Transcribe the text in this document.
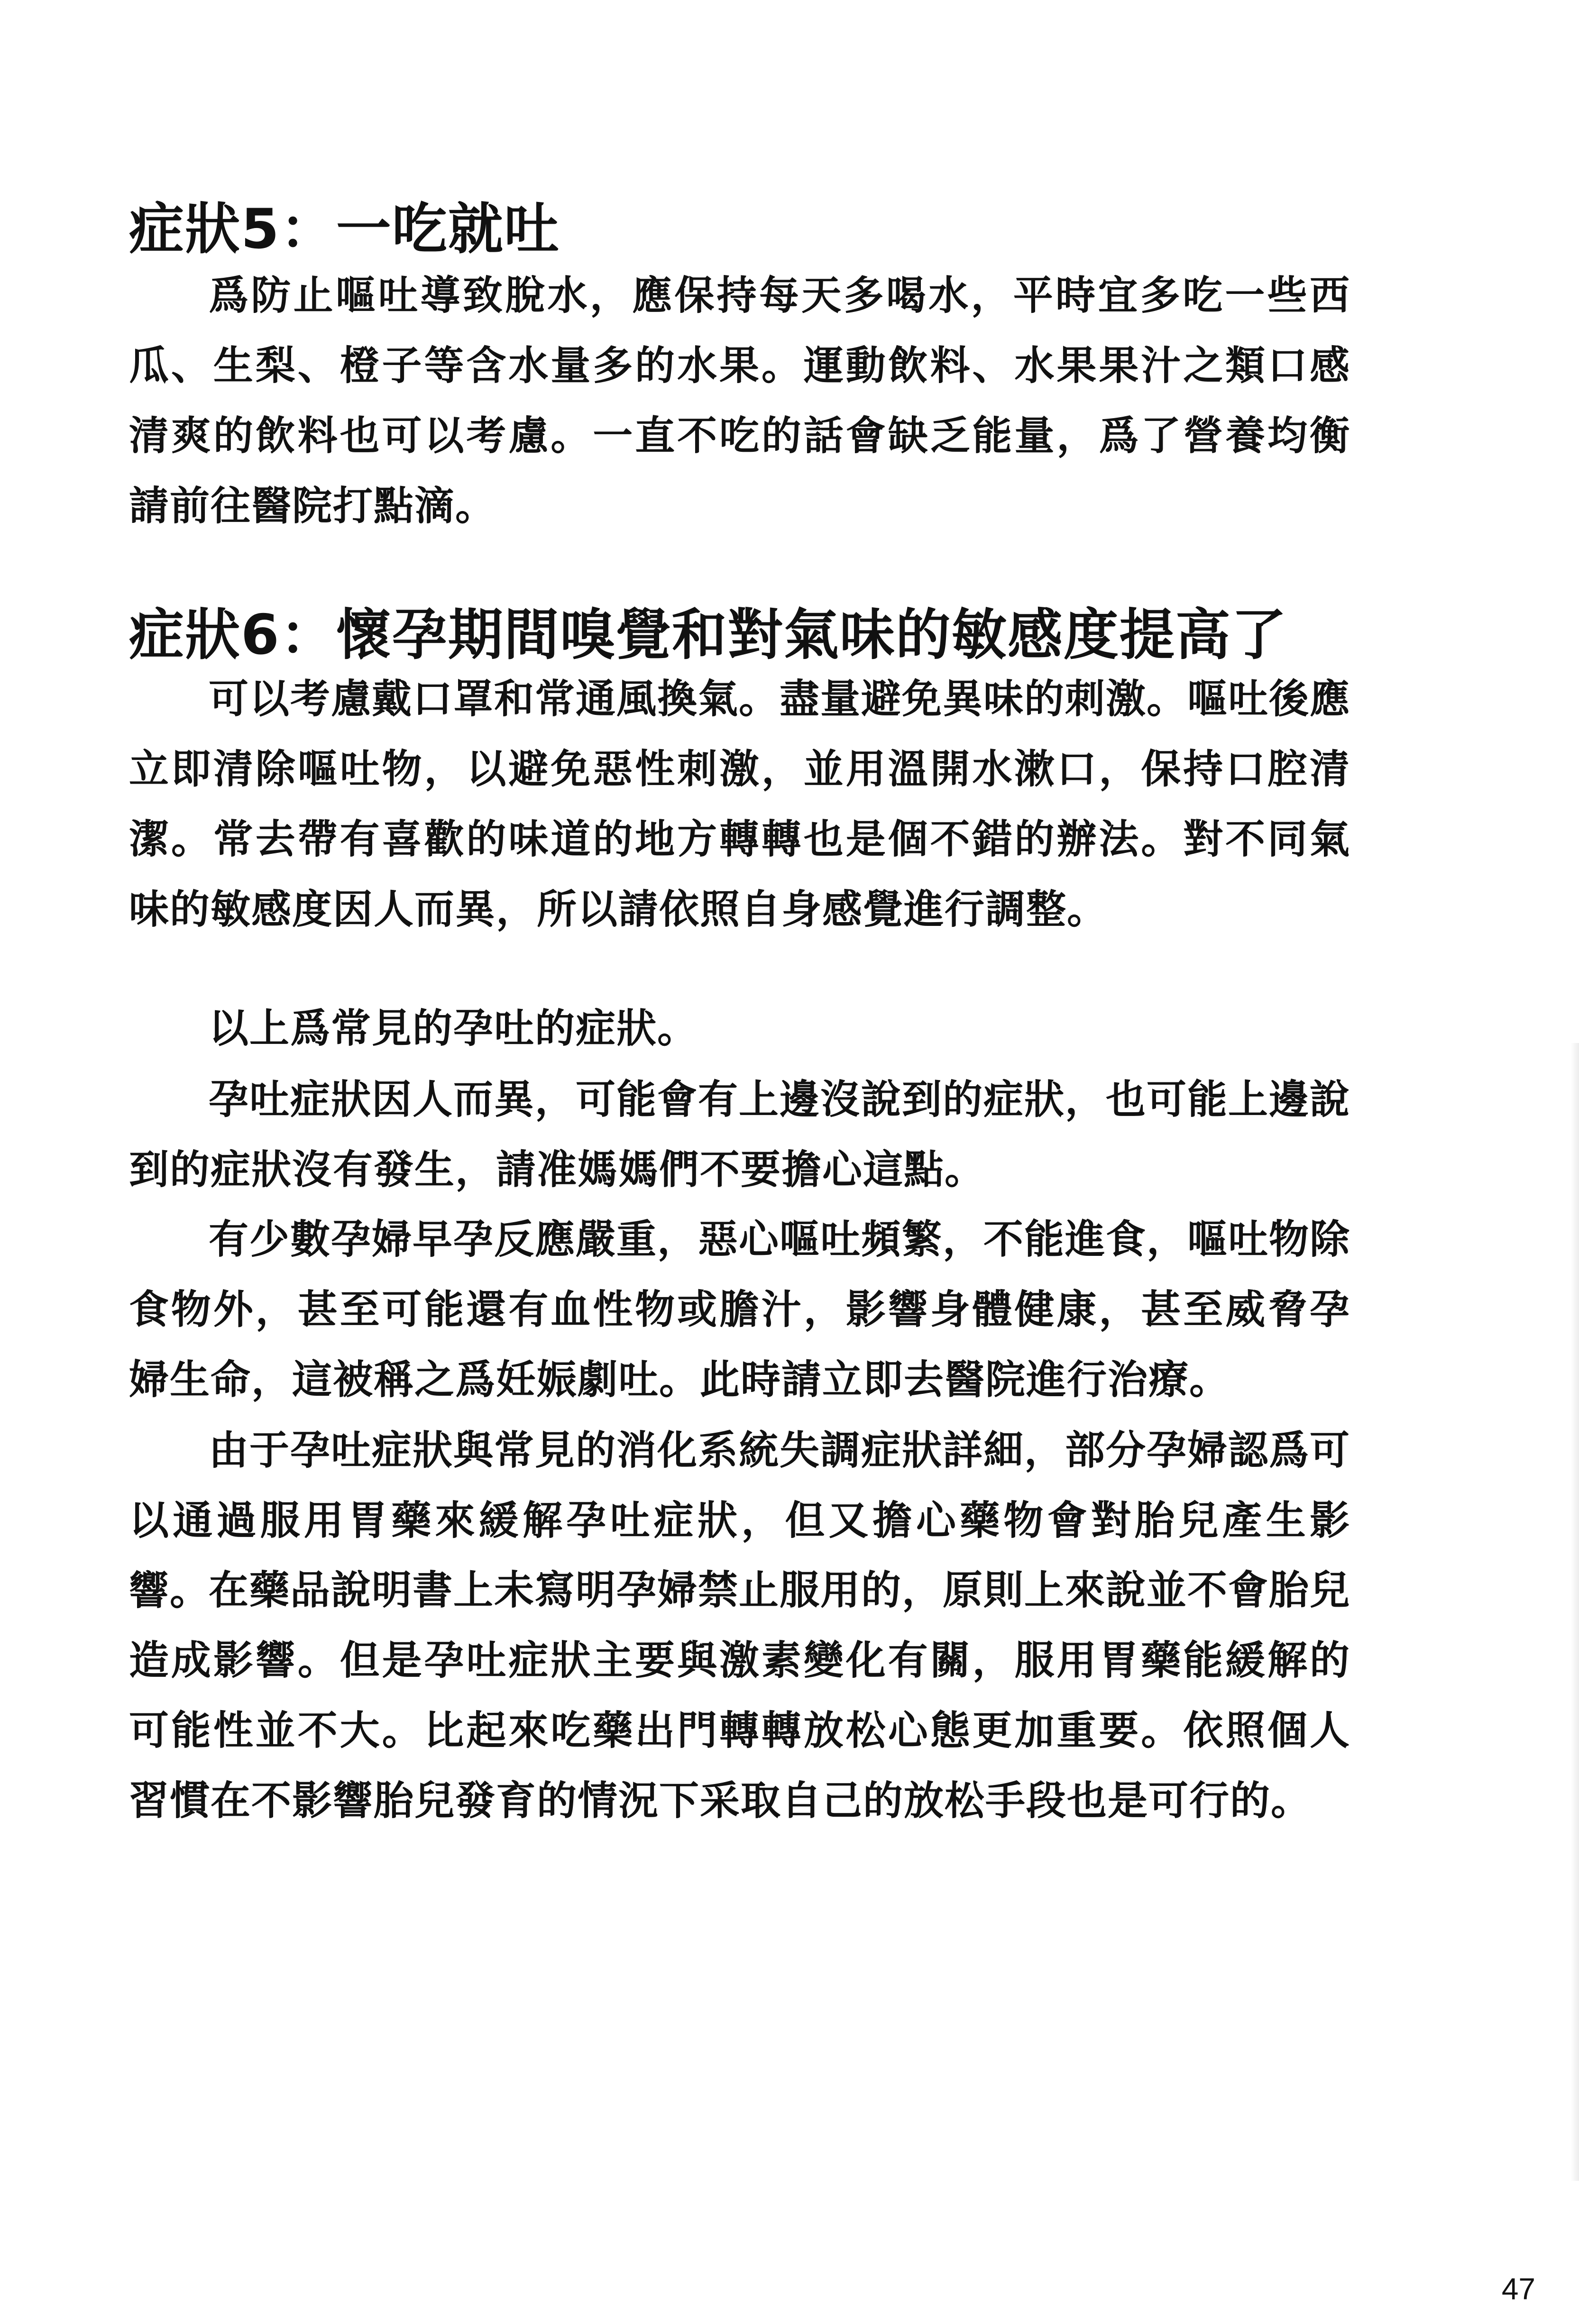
症狀5：一吃就吐

爲防止嘔吐導致脫水，應保持每天多喝水，平時宜多吃一些西瓜、生梨、橙子等含水量多的水果。運動飲料、水果果汁之類口感清爽的飲料也可以考慮。一直不吃的話會缺乏能量，爲了營養均衡請前往醫院打點滴。

症狀6：懷孕期間嗅覺和對氣味的敏感度提高了

可以考慮戴口罩和常通風換氣。盡量避免異味的刺激。嘔吐後應立即清除嘔吐物，以避免惡性刺激，並用溫開水漱口，保持口腔清潔。常去帶有喜歡的味道的地方轉轉也是個不錯的辦法。對不同氣味的敏感度因人而異，所以請依照自身感覺進行調整。

以上爲常見的孕吐的症狀。

孕吐症狀因人而異，可能會有上邊沒說到的症狀，也可能上邊說到的症狀沒有發生，請准媽媽們不要擔心這點。

有少數孕婦早孕反應嚴重，惡心嘔吐頻繁，不能進食，嘔吐物除食物外，甚至可能還有血性物或膽汁，影響身體健康，甚至威脅孕婦生命，這被稱之爲妊娠劇吐。此時請立即去醫院進行治療。

由于孕吐症狀與常見的消化系統失調症狀詳細，部分孕婦認爲可以通過服用胃藥來緩解孕吐症狀，但又擔心藥物會對胎兒產生影響。

在藥品說明書上未寫明孕婦禁止服用的，原則上來說並不會胎兒造成影響。但是孕吐症狀主要與激素變化有關，服用胃藥能緩解的可能性並不大。比起來吃藥出門轉轉放松心態更加重要。依照個人習慣在不影響胎兒發育的情況下采取自己的放松手段也是可行的。

47
